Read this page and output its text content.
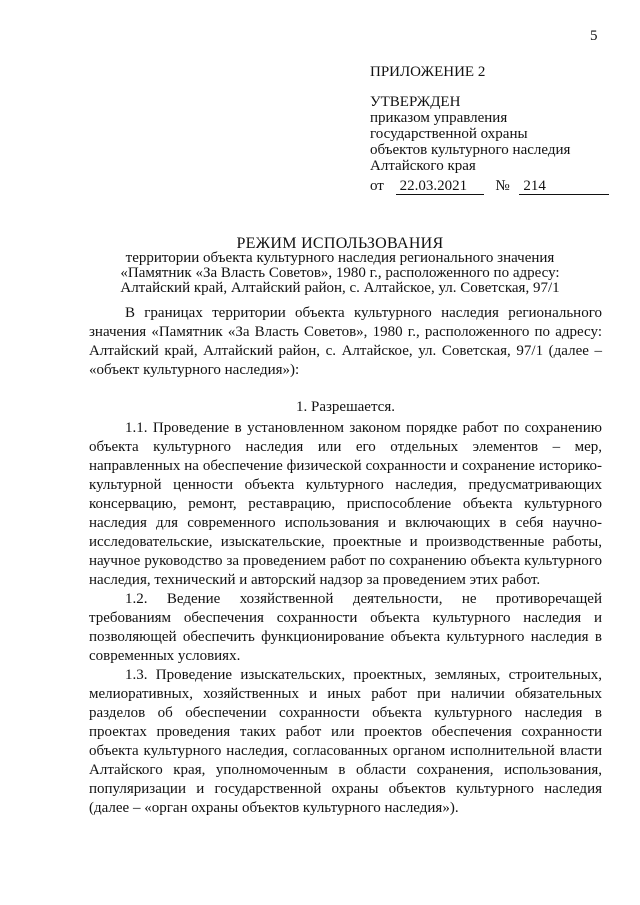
5
ПРИЛОЖЕНИЕ 2
УТВЕРЖДЕН
приказом управления
государственной охраны
объектов культурного наследия
Алтайского края
от 22.03.2021 № 214
РЕЖИМ ИСПОЛЬЗОВАНИЯ
территории объекта культурного наследия регионального значения
«Памятник «За Власть Советов», 1980 г., расположенного по адресу:
Алтайский край, Алтайский район, с. Алтайское, ул. Советская, 97/1

В границах территории объекта культурного наследия регионального значения «Памятник «За Власть Советов», 1980 г., расположенного по адресу: Алтайский край, Алтайский район, с. Алтайское, ул. Советская, 97/1 (далее – «объект культурного наследия»):

1. Разрешается.

1.1. Проведение в установленном законом порядке работ по сохранению объекта культурного наследия или его отдельных элементов – мер, направленных на обеспечение физической сохранности и сохранение историко-культурной ценности объекта культурного наследия, предусматривающих консервацию, ремонт, реставрацию, приспособление объекта культурного наследия для современного использования и включающих в себя научно-исследовательские, изыскательские, проектные и производственные работы, научное руководство за проведением работ по сохранению объекта культурного наследия, технический и авторский надзор за проведением этих работ.

1.2. Ведение хозяйственной деятельности, не противоречащей требованиям обеспечения сохранности объекта культурного наследия и позволяющей обеспечить функционирование объекта культурного наследия в современных условиях.

1.3. Проведение изыскательских, проектных, земляных, строительных, мелиоративных, хозяйственных и иных работ при наличии обязательных разделов об обеспечении сохранности объекта культурного наследия в проектах проведения таких работ или проектов обеспечения сохранности объекта культурного наследия, согласованных органом исполнительной власти Алтайского края, уполномоченным в области сохранения, использования, популяризации и государственной охраны объектов культурного наследия (далее – «орган охраны объектов культурного наследия»).
